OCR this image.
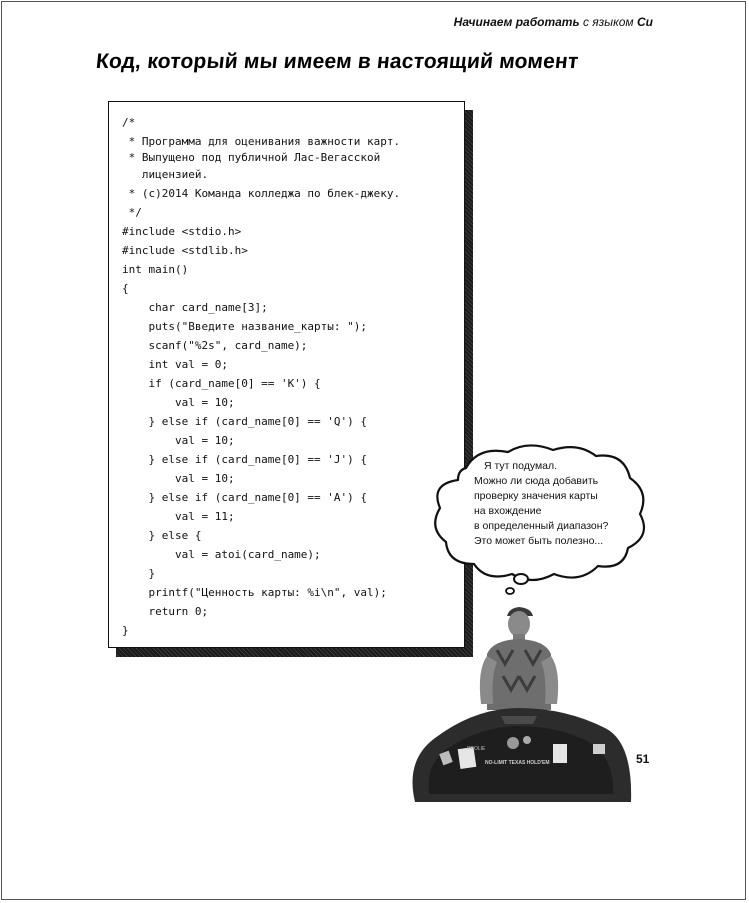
Начинаем работать с языком Си
Код, который мы имеем в настоящий момент
/*
* Программа для оценивания важности карт.
* Выпущено под публичной Лас-Вегасской
лицензией.
* (c)2014 Команда колледжа по блек-джеку.
*/
#include <stdio.h>
#include <stdlib.h>
int main()
{
char card_name[3];
puts("Введите название_карты: ");
scanf("%2s", card_name);
int val = 0;
if (card_name[0] == 'K') {
val = 10;
} else if (card_name[0] == 'Q') {
val = 10;
} else if (card_name[0] == 'J') {
val = 10;
} else if (card_name[0] == 'A') {
val = 11;
} else {
val = atoi(card_name);
}
printf("Ценность карты: %i\n", val);
return 0;
}
Я тут подумал.
Можно ли сюда добавить
проверку значения карты
на вхождение
в определенный диапазон?
Это может быть полезно...
PROLIE
NO-LIMIT TEXAS HOLD'EM	51
